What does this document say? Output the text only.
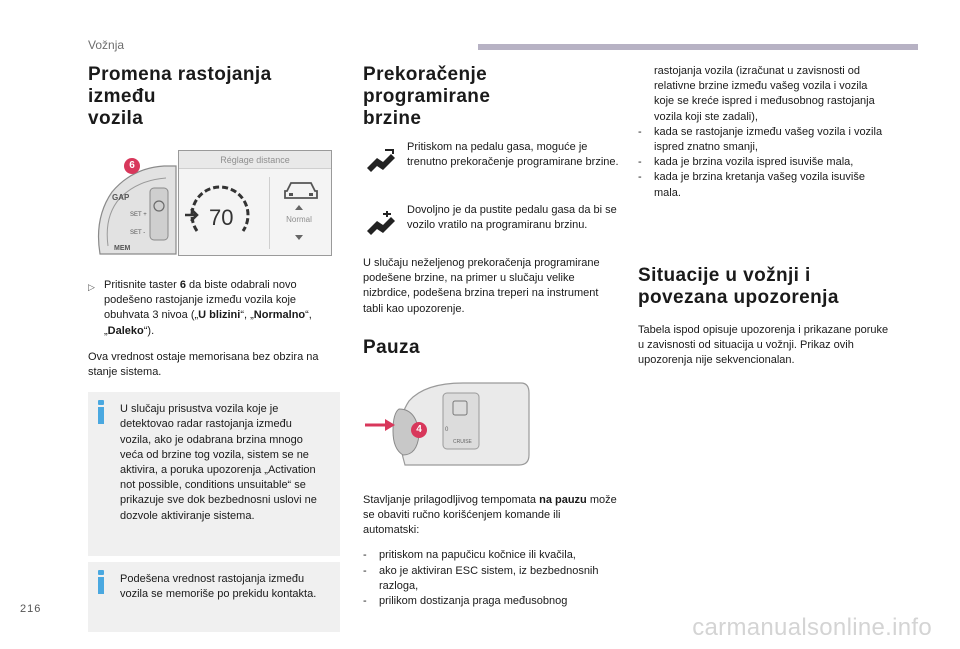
Vožnja
Promena rastojanja između
vozila
GAP
SET +
SET -
MEM
6	Réglage distance
70	Normal
▷ Pritisnite taster 6 da biste odabrali novo podešeno rastojanje između vozila koje obuhvata 3 nivoa („U blizini“, „Normalno“, „Daleko“).

Ova vrednost ostaje memorisana bez obzira na stanje sistema.

U slučaju prisustva vozila koje je detektovao radar rastojanja između vozila, ako je odabrana brzina mnogo veća od brzine tog vozila, sistem se ne aktivira, a poruka upozorenja „Activation not possible, conditions unsuitable“ se prikazuje sve dok bezbednosni uslovi ne dozvole aktiviranje sistema.
Podešena vrednost rastojanja između vozila se memoriše po prekidu kontakta.
Prekoračenje programirane
brzine

Pritiskom na pedalu gasa, moguće je trenutno prekoračenje programirane brzine.

Dovoljno je da pustite pedalu gasa da bi se vozilo vratilo na programiranu brzinu.

U slučaju neželjenog prekoračenja programirane podešene brzine, na primer u slučaju velike nizbrdice, podešena brzina treperi na instrument tabli kao upozorenje.

Pauza
0
CRUISE
4

Stavljanje prilagodljivog tempomata na pauzu može se obaviti ručno korišćenjem komande ili automatski:

- pritiskom na papučicu kočnice ili kvačila,
- ako je aktiviran ESC sistem, iz bezbednosnih razloga,
- prilikom dostizanja praga međusobnog

rastojanja vozila (izračunat u zavisnosti od relativne brzine između vašeg vozila i vozila koje se kreće ispred i međusobnog rastojanja vozila koji ste zadali),

- kada se rastojanje između vašeg vozila i vozila ispred znatno smanji,
- kada je brzina vozila ispred isuviše mala,
- kada je brzina kretanja vašeg vozila isuviše mala.
Situacije u vožnji i
povezana upozorenja

Tabela ispod opisuje upozorenja i prikazane poruke u zavisnosti od situacija u vožnji. Prikaz ovih upozorenja nije sekvencionalan.

216
carmanualsonline.info
